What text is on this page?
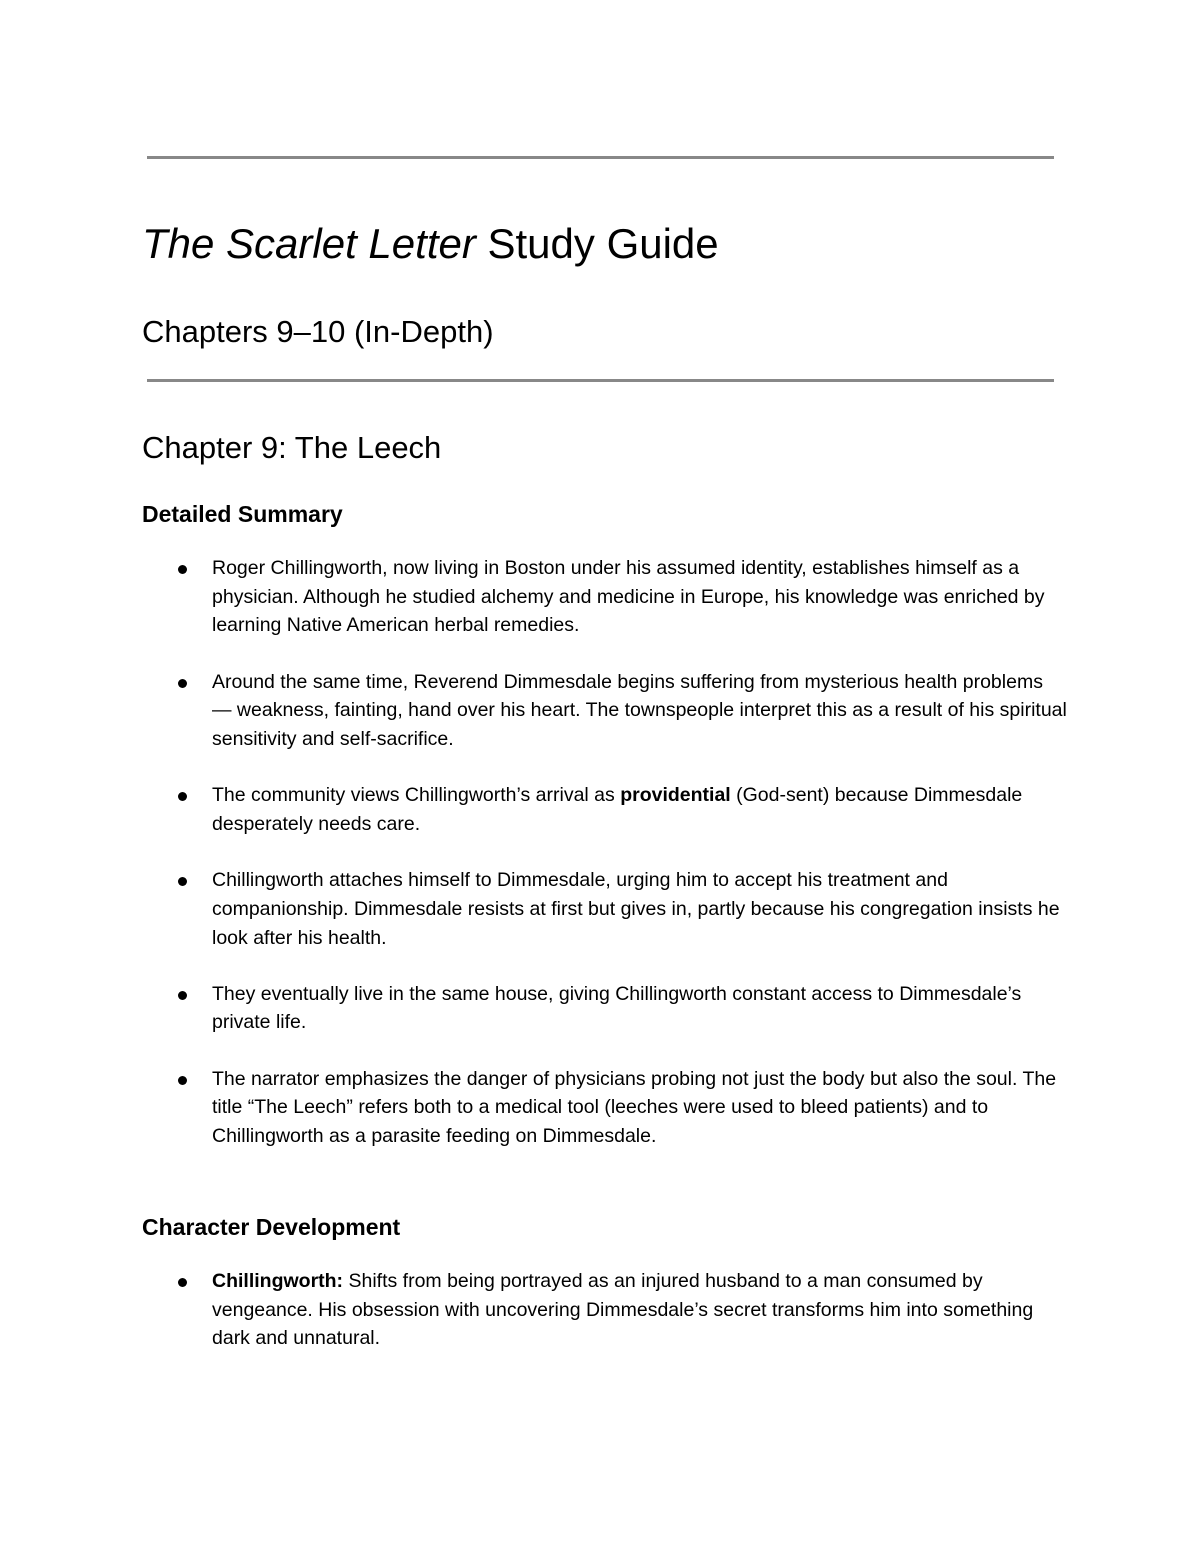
The Scarlet Letter Study Guide
Chapters 9–10 (In-Depth)
Chapter 9: The Leech
Detailed Summary
Roger Chillingworth, now living in Boston under his assumed identity, establishes himself as a physician. Although he studied alchemy and medicine in Europe, his knowledge was enriched by learning Native American herbal remedies.
Around the same time, Reverend Dimmesdale begins suffering from mysterious health problems — weakness, fainting, hand over his heart. The townspeople interpret this as a result of his spiritual sensitivity and self-sacrifice.
The community views Chillingworth’s arrival as providential (God-sent) because Dimmesdale desperately needs care.
Chillingworth attaches himself to Dimmesdale, urging him to accept his treatment and companionship. Dimmesdale resists at first but gives in, partly because his congregation insists he look after his health.
They eventually live in the same house, giving Chillingworth constant access to Dimmesdale’s private life.
The narrator emphasizes the danger of physicians probing not just the body but also the soul. The title “The Leech” refers both to a medical tool (leeches were used to bleed patients) and to Chillingworth as a parasite feeding on Dimmesdale.
Character Development
Chillingworth: Shifts from being portrayed as an injured husband to a man consumed by vengeance. His obsession with uncovering Dimmesdale’s secret transforms him into something dark and unnatural.
